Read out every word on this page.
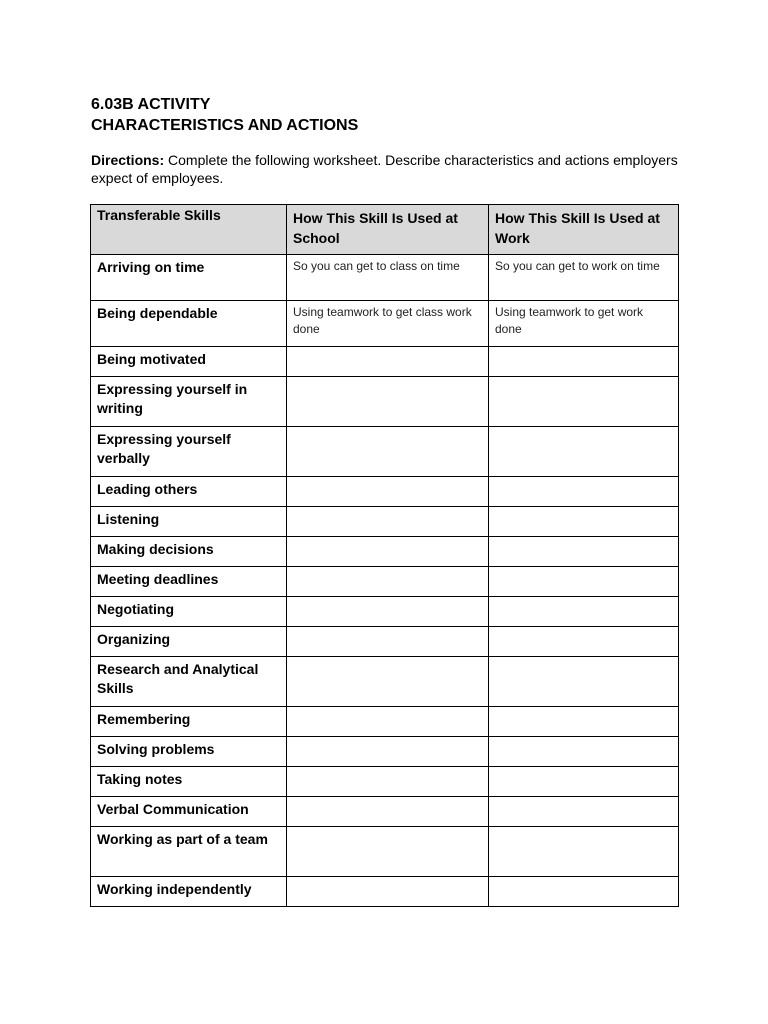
6.03B ACTIVITY
CHARACTERISTICS AND ACTIONS
Directions: Complete the following worksheet. Describe characteristics and actions employers expect of employees.
Transferable Skills	How This Skill Is Used at School	How This Skill Is Used at Work
Arriving on time	So you can get to class on time	So you can get to work on time
Being dependable	Using teamwork to get class work done	Using teamwork to get work done
Being motivated		
Expressing yourself in writing		
Expressing yourself verbally		
Leading others		
Listening		
Making decisions		
Meeting deadlines		
Negotiating		
Organizing		
Research and Analytical Skills		
Remembering		
Solving problems		
Taking notes		
Verbal Communication		
Working as part of a team		
Working independently		
